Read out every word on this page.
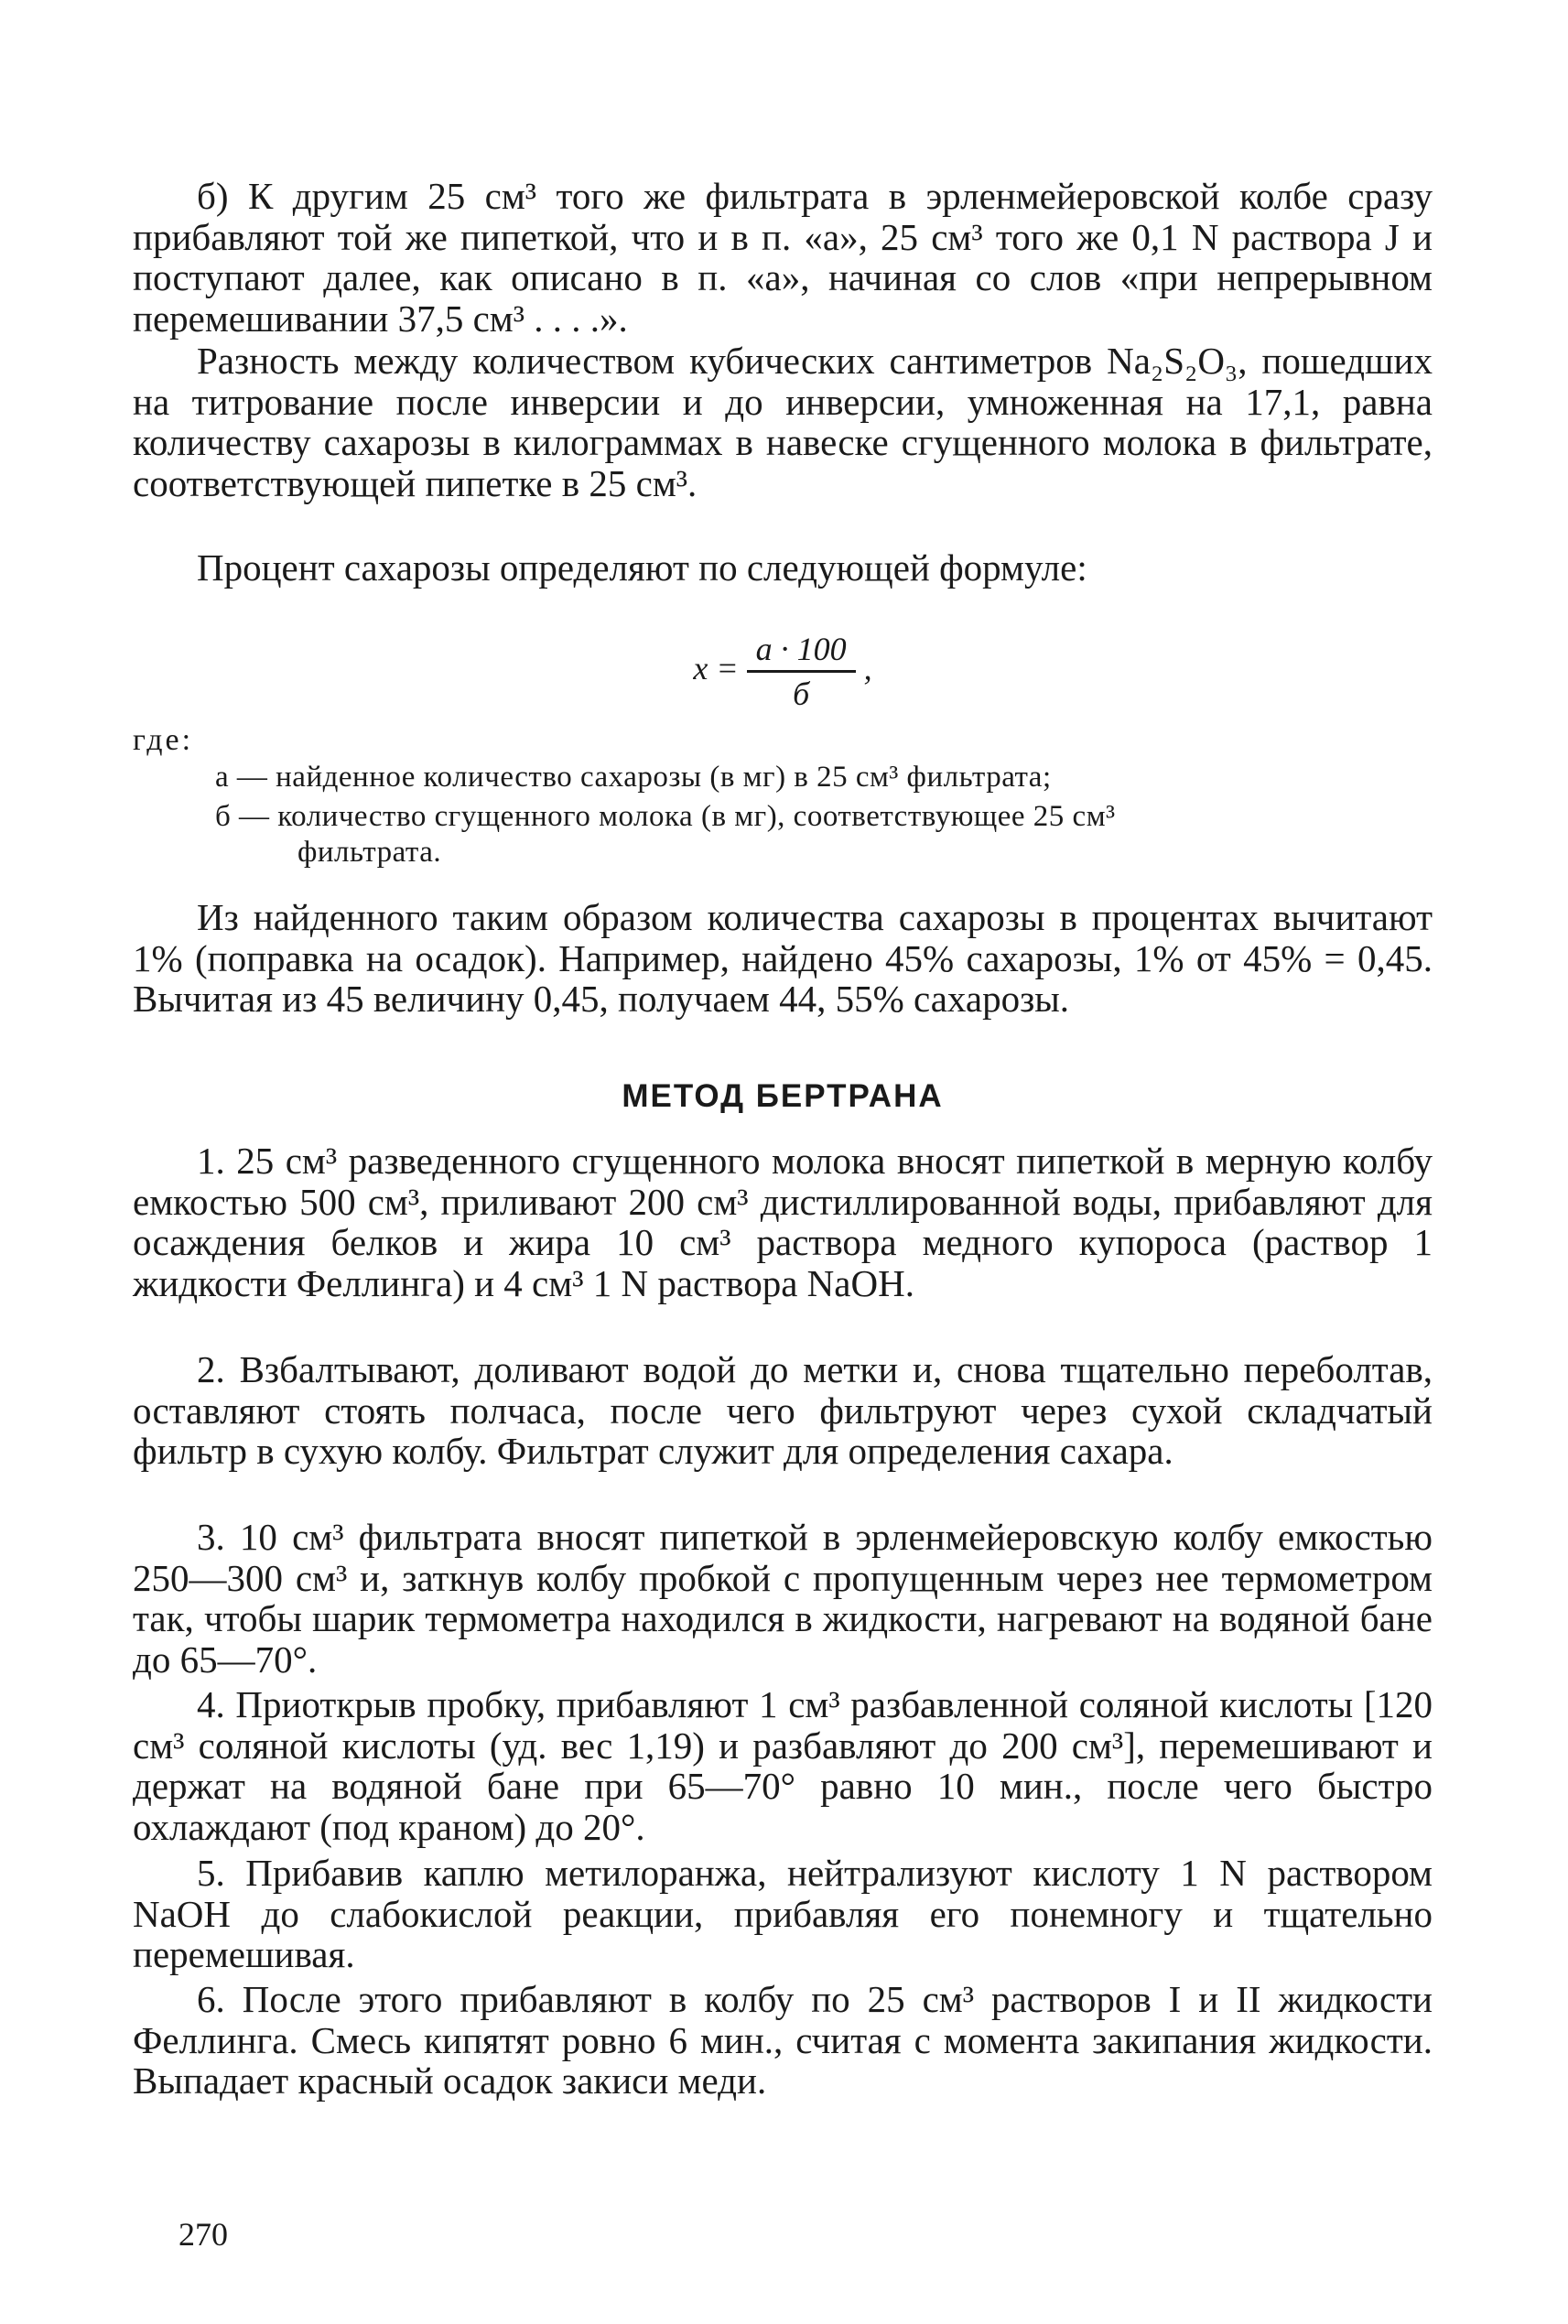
б) К другим 25 см³ того же фильтрата в эрленмейеровской колбе сразу прибавляют той же пипеткой, что и в п. «а», 25 см³ того же 0,1 N раствора J и поступают далее, как описано в п. «а», начиная со слов «при непрерывном перемешивании 37,5 см³ . . . .».

Разность между количеством кубических сантиметров Na₂S₂O₃, пошедших на титрование после инверсии и до инверсии, умноженная на 17,1, равна количеству сахарозы в килограммах в навеске сгущенного молока в фильтрате, соответствующей пипетке в 25 см³.

Процент сахарозы определяют по следующей формуле:

$x = \frac{a \cdot 100}{б}$ ,
где:

a — найденное количество сахарозы (в мг) в 25 см³ фильтрата;

б — количество сгущенного молока (в мг), соответствующее 25 см³

фильтрата.

Из найденного таким образом количества сахарозы в процентах вычитают 1% (поправка на осадок). Например, найдено 45% сахарозы, 1% от 45% = 0,45. Вычитая из 45 величину 0,45, получаем 44, 55% сахарозы.

МЕТОД БЕРТРАНА

1. 25 см³ разведенного сгущенного молока вносят пипеткой в мерную колбу емкостью 500 см³, приливают 200 см³ дистиллированной воды, прибавляют для осаждения белков и жира 10 см³ раствора медного купороса (раствор 1 жидкости Феллинга) и 4 см³ 1 N раствора NaOH.

2. Взбалтывают, доливают водой до метки и, снова тщательно переболтав, оставляют стоять полчаса, после чего фильтруют через сухой складчатый фильтр в сухую колбу. Фильтрат служит для определения сахара.

3. 10 см³ фильтрата вносят пипеткой в эрленмейеровскую колбу емкостью 250—300 см³ и, заткнув колбу пробкой с пропущенным через нее термометром так, чтобы шарик термометра находился в жидкости, нагревают на водяной бане до 65—70°.

4. Приоткрыв пробку, прибавляют 1 см³ разбавленной соляной кислоты [120 см³ соляной кислоты (уд. вес 1,19) и разбавляют до 200 см³], перемешивают и держат на водяной бане при 65—70° равно 10 мин., после чего быстро охлаждают (под краном) до 20°.

5. Прибавив каплю метилоранжа, нейтрализуют кислоту 1 N раствором NaOH до слабокислой реакции, прибавляя его понемногу и тщательно перемешивая.

6. После этого прибавляют в колбу по 25 см³ растворов I и II жидкости Феллинга. Смесь кипятят ровно 6 мин., считая с момента закипания жидкости. Выпадает красный осадок закиси меди.

270
